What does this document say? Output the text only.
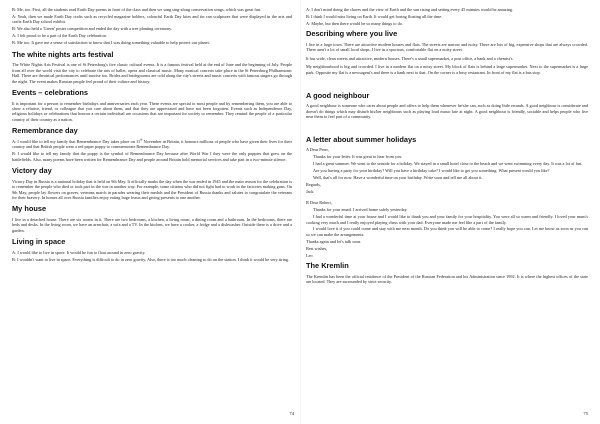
B: Me, too. First, all the students read Earth Day poems in front of the class and then we sang sing-along conservation songs, which was great fun.

A: Yeah, then we made Earth Day crafts such as recycled magazine holders, colourful Earth Day kites and tin can sculptures that were displayed in the arts and crafts Earth Day school exhibit.

B: We also held a 'Green' poster competition and ended the day with a tree planting ceremony.

A: I felt proud to be a part of the Earth Day celebration.

B: Me too. It gave me a sense of satisfaction to know that I was doing something valuable to help protect our planet.

The white nights arts festival

The White Nights Arts Festival is one of St Petersburg's five classic cultural events. It is a famous festival held at the end of June and the beginning of July. People from all over the world visit the city to celebrate the arts of ballet, opera and classical music. Many musical concerts take place in the St Petersburg Philharmonic Hall. There are theatrical performances until sunrise too. Brides and bridegrooms are cold along the city's streets and music concerts with famous singers go through the night. The event makes Russian people feel proud of their culture and history.

Events – celebrations

It is important for a person to remember birthdays and anniversaries each year. These events are special to most people and by remembering them, you are able to show a relative, friend, or colleague that you care about them, and that they are appreciated and have not been forgotten. Events such as Independence Day, religious holidays or celebrations that honour a certain individual are occasions that are important for society to remember. They remind the people of a particular country of their country as a nation.

Remembrance day

A: I would like to tell my family that Remembrance Day takes place on 11th November in Britain, it honours millions of people who have given their lives for their country and that British people wear a red paper poppy to commemorate Remembrance Day.

B: I would like to tell my family that the poppy is the symbol of Remembrance Day because after World War I they were the only poppies that grew on the battlefields. Also, many poems have been written for Remembrance Day and people around Britain hold memorial services and take part in a two-minute silence.

Victory day

Victory Day in Russia is a national holiday that is held on 9th May. It officially marks the day when the war ended in 1945 and the main reason for the celebration is to remember the people who died or took part in the war in another way. For example, some citizens who did not fight had to work in the factories making guns. On 9th May, people lay flowers on graves, veterans march in parades wearing their medals and the President of Russia thanks and salutes to congratulate the veterans for their bravery. In homes all over Russia families enjoy eating huge feasts and giving presents to one another.

My house

I live in a detached house. There are six rooms in it. There are two bedrooms, a kitchen, a living room, a dining room and a bathroom. In the bedrooms, there are beds and desks. In the living room, we have an armchair, a sofa and a TV. In the kitchen, we have a cooker, a fridge and a dishwasher. Outside there is a drive and a garden.

Living in space

A: I would like to live in space. It would be fun to float around in zero gravity.

B: I wouldn't want to live in space. Everything is difficult to do in zero gravity. Also, there is too much cleaning to do on the station. I think it would be very tiring.

74

A: I don't mind doing the chores and the view of Earth and the sun rising and setting every 45 minutes would be amazing.

B: I think I would miss living on Earth. It would get boring floating all the time.

A: Maybe, but then there would be so many things to do.

Describing where you live

I live in a large town. There are attractive modern houses and flats. The streets are narrow and noisy. There are lots of big, expensive shops that are always crowded. There aren't a lot of small local shops. I live in a spacious, comfortable flat on a noisy street.

It has wide, clean streets and attractive, modern houses. There's a small supermarket, a post office, a bank and a chemist's.

My neighbourhood is big and crowded. I live in a modern flat on a noisy street. My block of flats is behind a large supermarket. Next to the supermarket is a large park. Opposite my flat is a newsagent's and there is a bank next to that. On the corner is a busy restaurant. In front of my flat is a bus stop.

A good neighbour

A good neighbour is someone who cares about people and offers to help them whenever he/she can, such as doing little errands. A good neighbour is considerate and doesn't do things which may disturb his/her neighbours such as playing loud music late at night. A good neighbour is friendly, sociable and helps people who live near them to feel part of a community.

A letter about summer holidays

A Dear Peter,

Thanks for your letter. It was great to hear from you.

I had a great summer. We went to the seaside for a holiday. We stayed in a small hotel close to the beach and we went swimming every day. It was a lot of fun.

Are you having a party for your birthday? Will you have a birthday cake? I would like to get you something. What present would you like?

Well, that's all for now. Have a wonderful time on your birthday. Write soon and tell me all about it.

Regards,

Jack

B Dear Robert,

Thanks for your email. I arrived home safely yesterday.

I had a wonderful time at your house and I would like to thank you and your family for your hospitality. You were all so warm and friendly. I loved your mum's cooking very much and I really enjoyed playing chess with your dad. Everyone made me feel like a part of the family.

I would love it if you could come and stay with me next month. Do you think you will be able to come? I really hope you can. Let me know as soon as you can so we can make the arrangements.

Thanks again and let's talk soon.

Best wishes,

Leo

The Kremlin

The Kremlin has been the official residence of the President of the Russian Federation and his Administration since 1992. It is where the highest offices of the state are located. They are surrounded by strict security.

75
